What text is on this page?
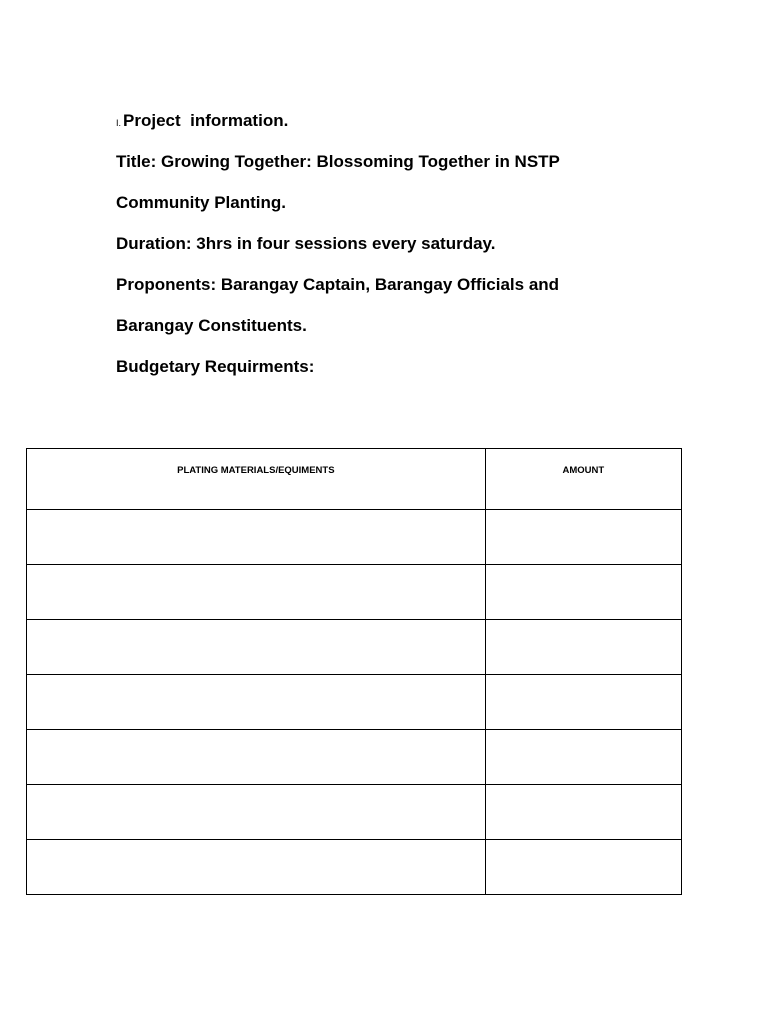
I. Project  information.
Title: Growing Together: Blossoming Together in NSTP
Community Planting.
Duration: 3hrs in four sessions every saturday.
Proponents: Barangay Captain, Barangay Officials and
Barangay Constituents.
Budgetary Requirments:
PLATING MATERIALS/EQUIMENTS	AMOUNT
